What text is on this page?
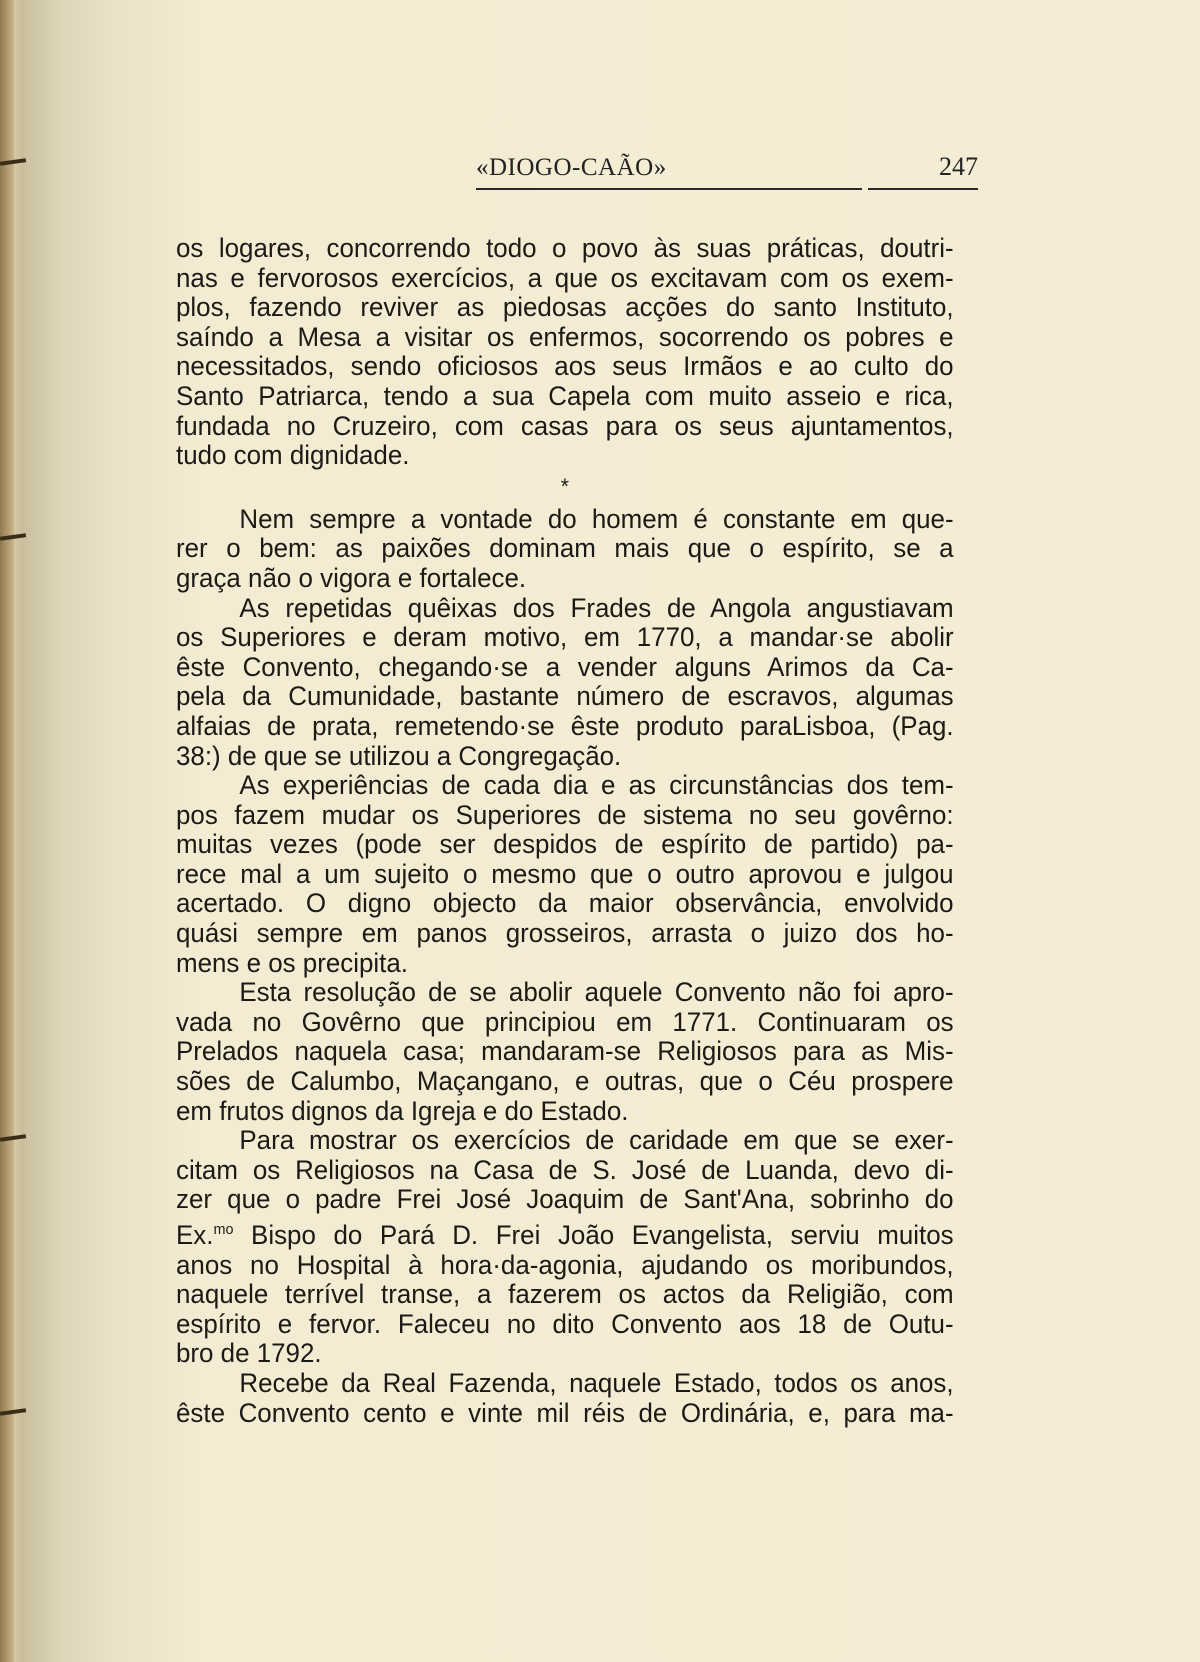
«DIOGO-CAÃO»	247
os logares, concorrendo todo o povo às suas práticas, doutri-
nas e fervorosos exercícios, a que os excitavam com os exem-
plos, fazendo reviver as piedosas acções do santo Instituto,
saíndo a Mesa a visitar os enfermos, socorrendo os pobres e
necessitados, sendo oficiosos aos seus Irmãos e ao culto do
Santo Patriarca, tendo a sua Capela com muito asseio e rica,
fundada no Cruzeiro, com casas para os seus ajuntamentos,
tudo com dignidade.
*
Nem sempre a vontade do homem é constante em que-
rer o bem: as paixões dominam mais que o espírito, se a
graça não o vigora e fortalece.
As repetidas quêixas dos Frades de Angola angustiavam
os Superiores e deram motivo, em 1770, a mandar·se abolir
êste Convento, chegando·se a vender alguns Arimos da Ca-
pela da Cumunidade, bastante número de escravos, algumas
alfaias de prata, remetendo·se êste produto paraLisboa, (Pag.
38:) de que se utilizou a Congregação.
As experiências de cada dia e as circunstâncias dos tem-
pos fazem mudar os Superiores de sistema no seu govêrno:
muitas vezes (pode ser despidos de espírito de partido) pa-
rece mal a um sujeito o mesmo que o outro aprovou e julgou
acertado. O digno objecto da maior observância, envolvido
quási sempre em panos grosseiros, arrasta o juizo dos ho-
mens e os precipita.
Esta resolução de se abolir aquele Convento não foi apro-
vada no Govêrno que principiou em 1771. Continuaram os
Prelados naquela casa; mandaram-se Religiosos para as Mis-
sões de Calumbo, Maçangano, e outras, que o Céu prospere
em frutos dignos da Igreja e do Estado.
Para mostrar os exercícios de caridade em que se exer-
citam os Religiosos na Casa de S. José de Luanda, devo di-
zer que o padre Frei José Joaquim de Sant'Ana, sobrinho do
Ex.$^{mo}$ Bispo do Pará D. Frei João Evangelista, serviu muitos
anos no Hospital à hora·da-agonia, ajudando os moribundos,
naquele terrível transe, a fazerem os actos da Religião, com
espírito e fervor. Faleceu no dito Convento aos 18 de Outu-
bro de 1792.
Recebe da Real Fazenda, naquele Estado, todos os anos,
êste Convento cento e vinte mil réis de Ordinária, e, para ma-
